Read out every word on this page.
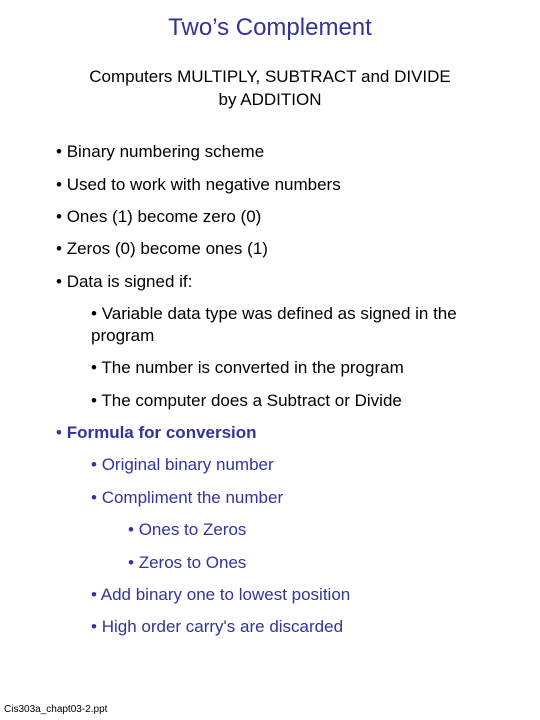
Two’s Complement
Computers MULTIPLY, SUBTRACT and DIVIDE
by ADDITION
• Binary numbering scheme
• Used to work with negative numbers
• Ones (1) become zero (0)
• Zeros (0) become ones (1)
• Data is signed if:
• Variable data type was defined as signed in the program
• The number is converted in the program
• The computer does a Subtract or Divide
• Formula for conversion
• Original binary number
• Compliment the number
• Ones to Zeros
• Zeros to Ones
• Add binary one to lowest position
• High order carry's are discarded
Cis303a_chapt03-2.ppt
